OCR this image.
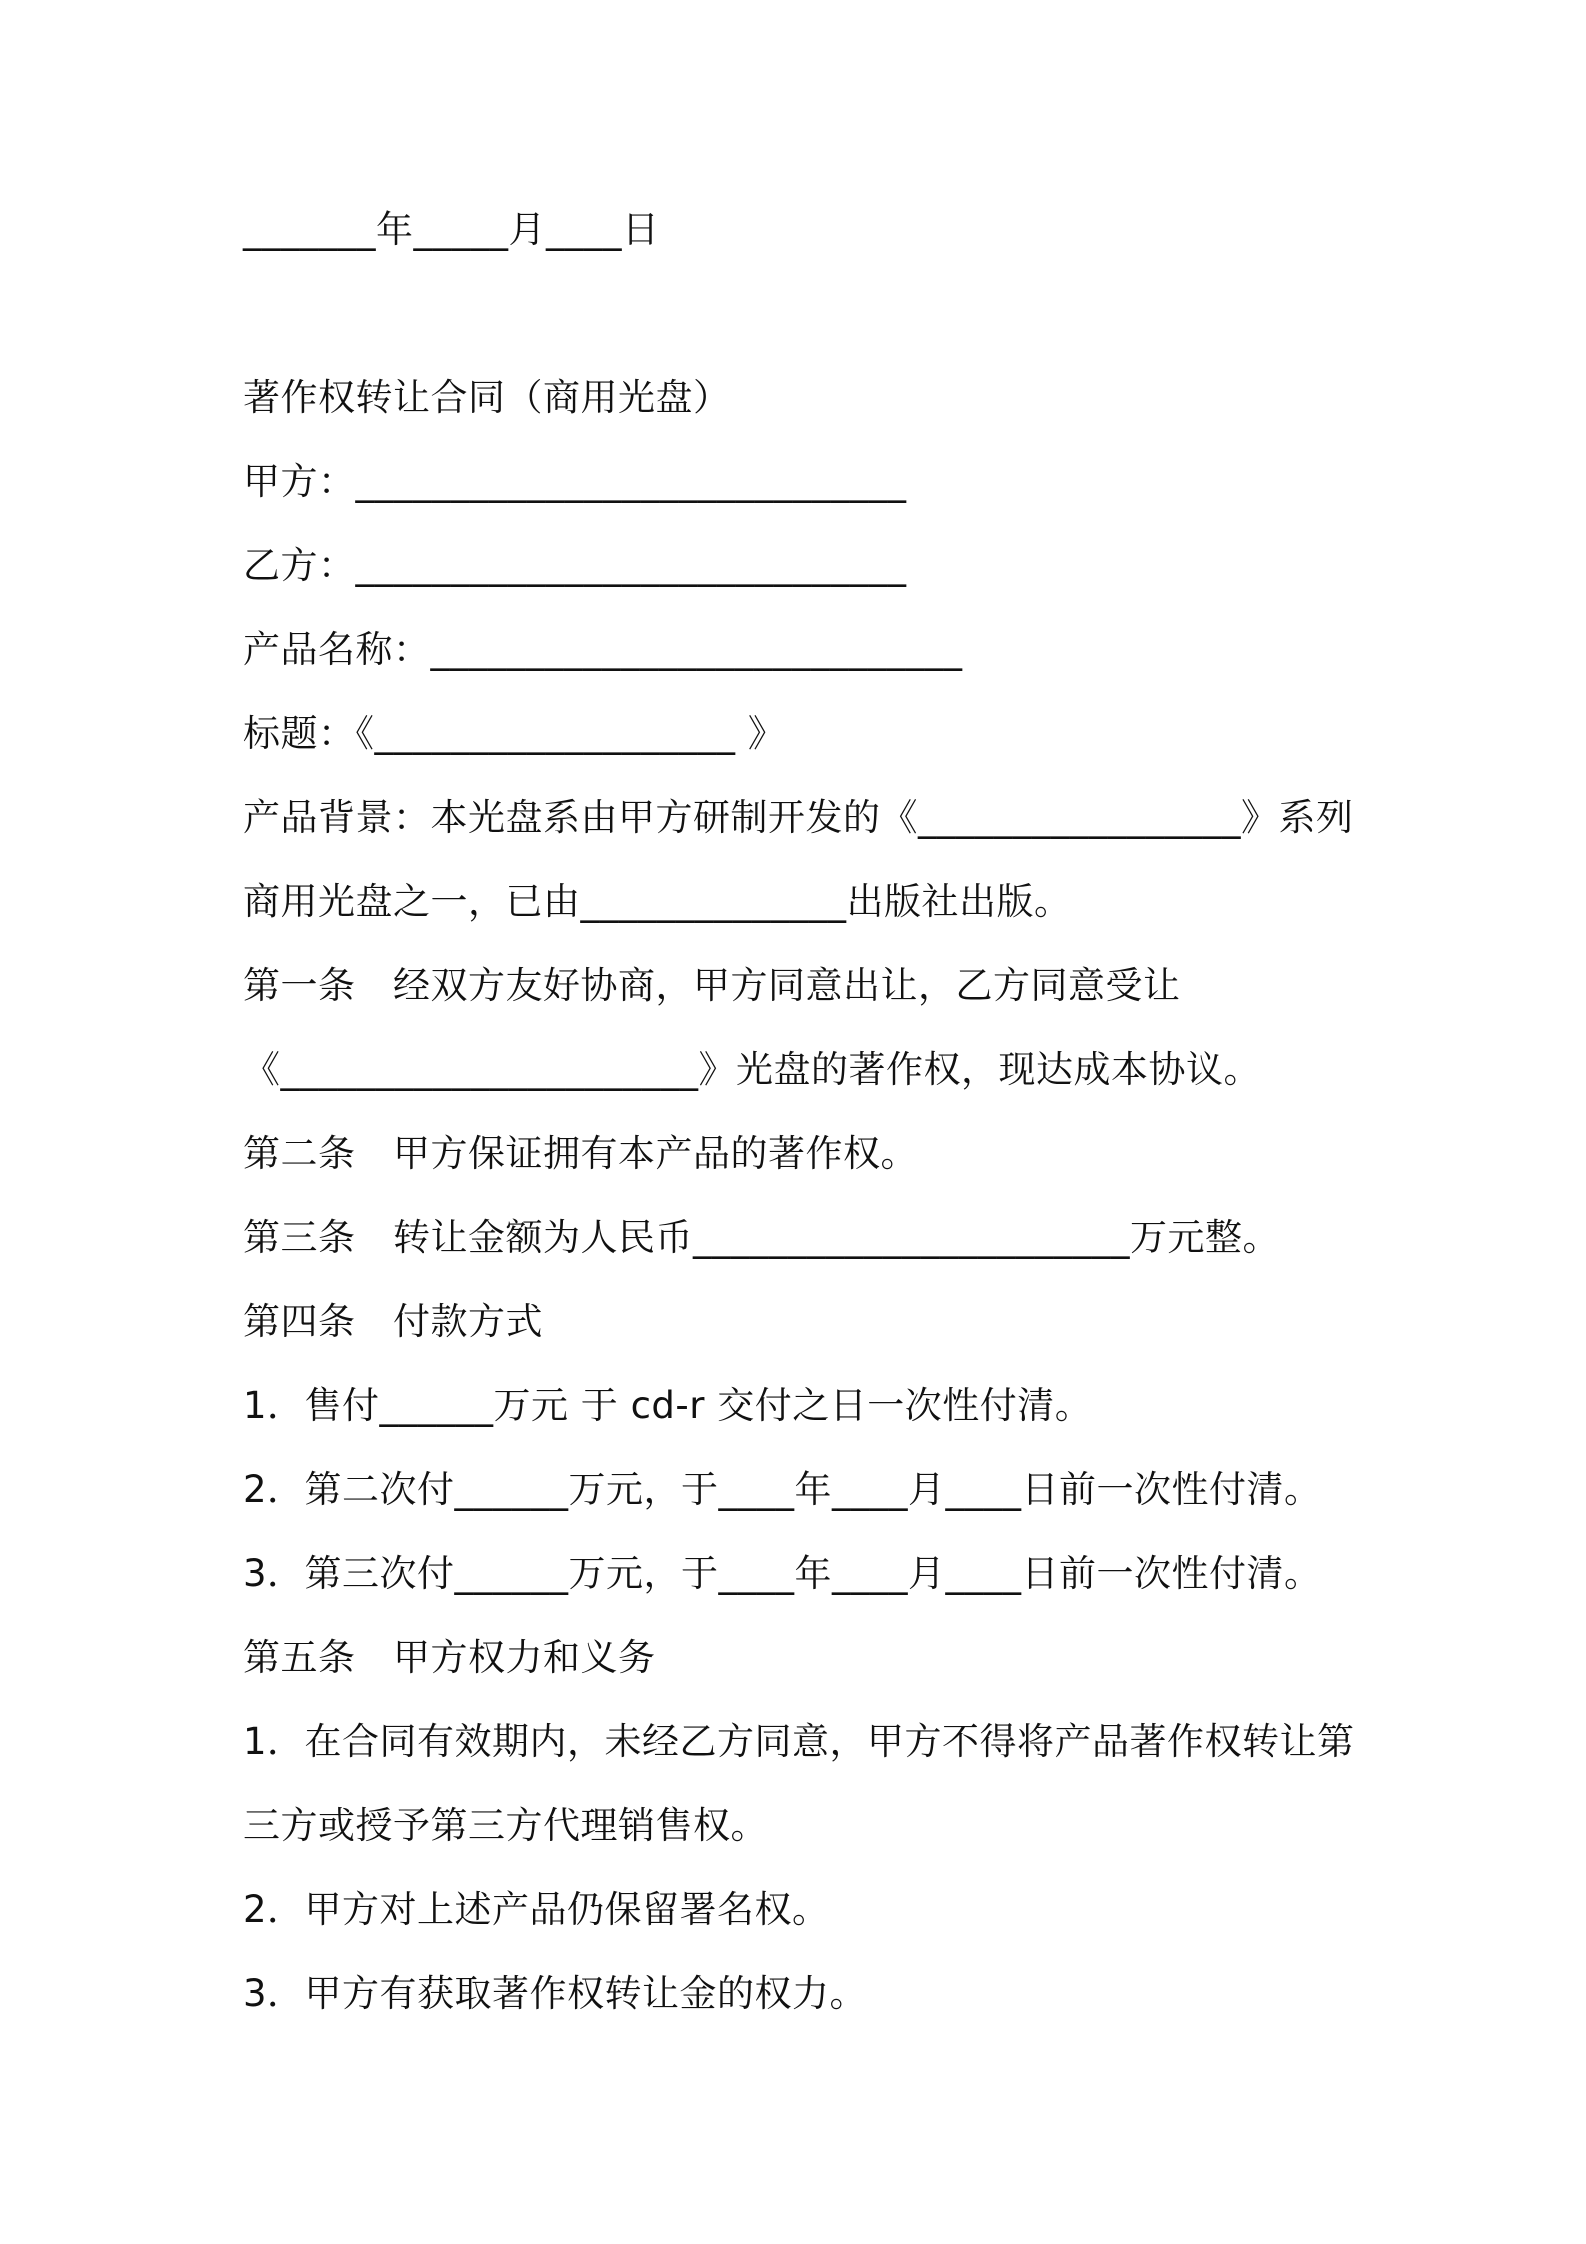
_______年_____月____日

著作权转让合同（商用光盘）

甲方：_____________________________

乙方：_____________________________

产品名称：____________________________

标题：《___________________ 》

产品背景：本光盘系由甲方研制开发的《_________________》系列

商用光盘之一，已由______________出版社出版。

第一条　经双方友好协商，甲方同意出让，乙方同意受让

《______________________》光盘的著作权，现达成本协议。

第二条　甲方保证拥有本产品的著作权。

第三条　转让金额为人民币_______________________万元整。

第四条　付款方式

1．售付______万元 于 cd-r 交付之日一次性付清。

2．第二次付______万元，于____年____月____日前一次性付清。

3．第三次付______万元，于____年____月____日前一次性付清。

第五条　甲方权力和义务

1．在合同有效期内，未经乙方同意，甲方不得将产品著作权转让第

三方或授予第三方代理销售权。

2．甲方对上述产品仍保留署名权。

3．甲方有获取著作权转让金的权力。
